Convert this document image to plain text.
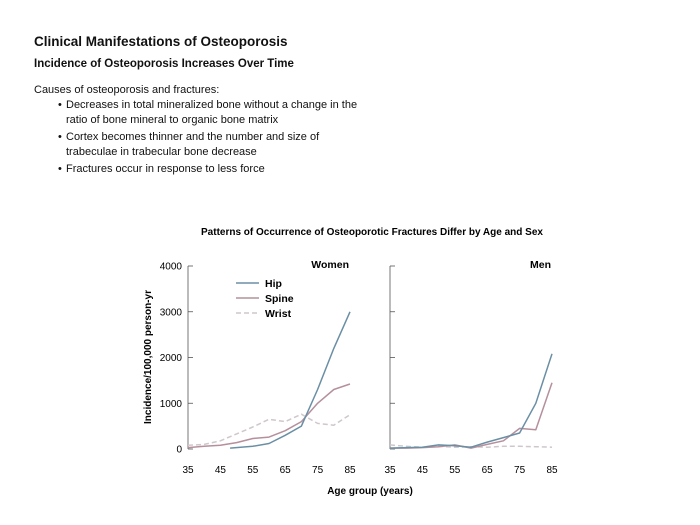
Clinical Manifestations of Osteoporosis
Incidence of Osteoporosis Increases Over Time
Causes of osteoporosis and fractures:
• Decreases in total mineralized bone without a change in the ratio of bone mineral to organic bone matrix
• Cortex becomes thinner and the number and size of trabeculae in trabecular bone decrease
• Fractures occur in response to less force
Patterns of Occurrence of Osteoporotic Fractures Differ by Age and Sex
Incidence/100,000 person-yr
Age group (years)
0
1000
2000
3000
4000
35 45 55 65 75 85
Women
35 45 55 65 75 85
Men
Hip
Spine
Wrist
